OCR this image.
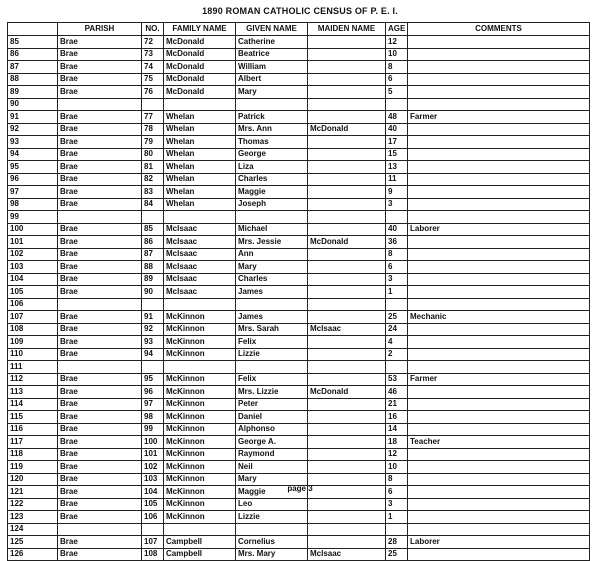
1890 ROMAN CATHOLIC CENSUS OF P. E. I.
	PARISH	NO.	FAMILY NAME	GIVEN NAME	MAIDEN NAME	AGE	COMMENTS
85	Brae	72	McDonald	Catherine		12	
86	Brae	73	McDonald	Beatrice		10	
87	Brae	74	McDonald	William		8	
88	Brae	75	McDonald	Albert		6	
89	Brae	76	McDonald	Mary		5	
90							
91	Brae	77	Whelan	Patrick		48	Farmer
92	Brae	78	Whelan	Mrs. Ann	McDonald	40	
93	Brae	79	Whelan	Thomas		17	
94	Brae	80	Whelan	George		15	
95	Brae	81	Whelan	Liza		13	
96	Brae	82	Whelan	Charles		11	
97	Brae	83	Whelan	Maggie		9	
98	Brae	84	Whelan	Joseph		3	
99							
100	Brae	85	McIsaac	Michael		40	Laborer
101	Brae	86	McIsaac	Mrs. Jessie	McDonald	36	
102	Brae	87	McIsaac	Ann		8	
103	Brae	88	McIsaac	Mary		6	
104	Brae	89	McIsaac	Charles		3	
105	Brae	90	McIsaac	James		1	
106							
107	Brae	91	McKinnon	James		25	Mechanic
108	Brae	92	McKinnon	Mrs. Sarah	McIsaac	24	
109	Brae	93	McKinnon	Felix		4	
110	Brae	94	McKinnon	Lizzie		2	
111							
112	Brae	95	McKinnon	Felix		53	Farmer
113	Brae	96	McKinnon	Mrs. Lizzie	McDonald	46	
114	Brae	97	McKinnon	Peter		21	
115	Brae	98	McKinnon	Daniel		16	
116	Brae	99	McKinnon	Alphonso		14	
117	Brae	100	McKinnon	George A.		18	Teacher
118	Brae	101	McKinnon	Raymond		12	
119	Brae	102	McKinnon	Neil		10	
120	Brae	103	McKinnon	Mary		8	
121	Brae	104	McKinnon	Maggie		6	
122	Brae	105	McKinnon	Leo		3	
123	Brae	106	McKinnon	Lizzie		1	
124							
125	Brae	107	Campbell	Cornelius		28	Laborer
126	Brae	108	Campbell	Mrs. Mary	McIsaac	25	
page 3
